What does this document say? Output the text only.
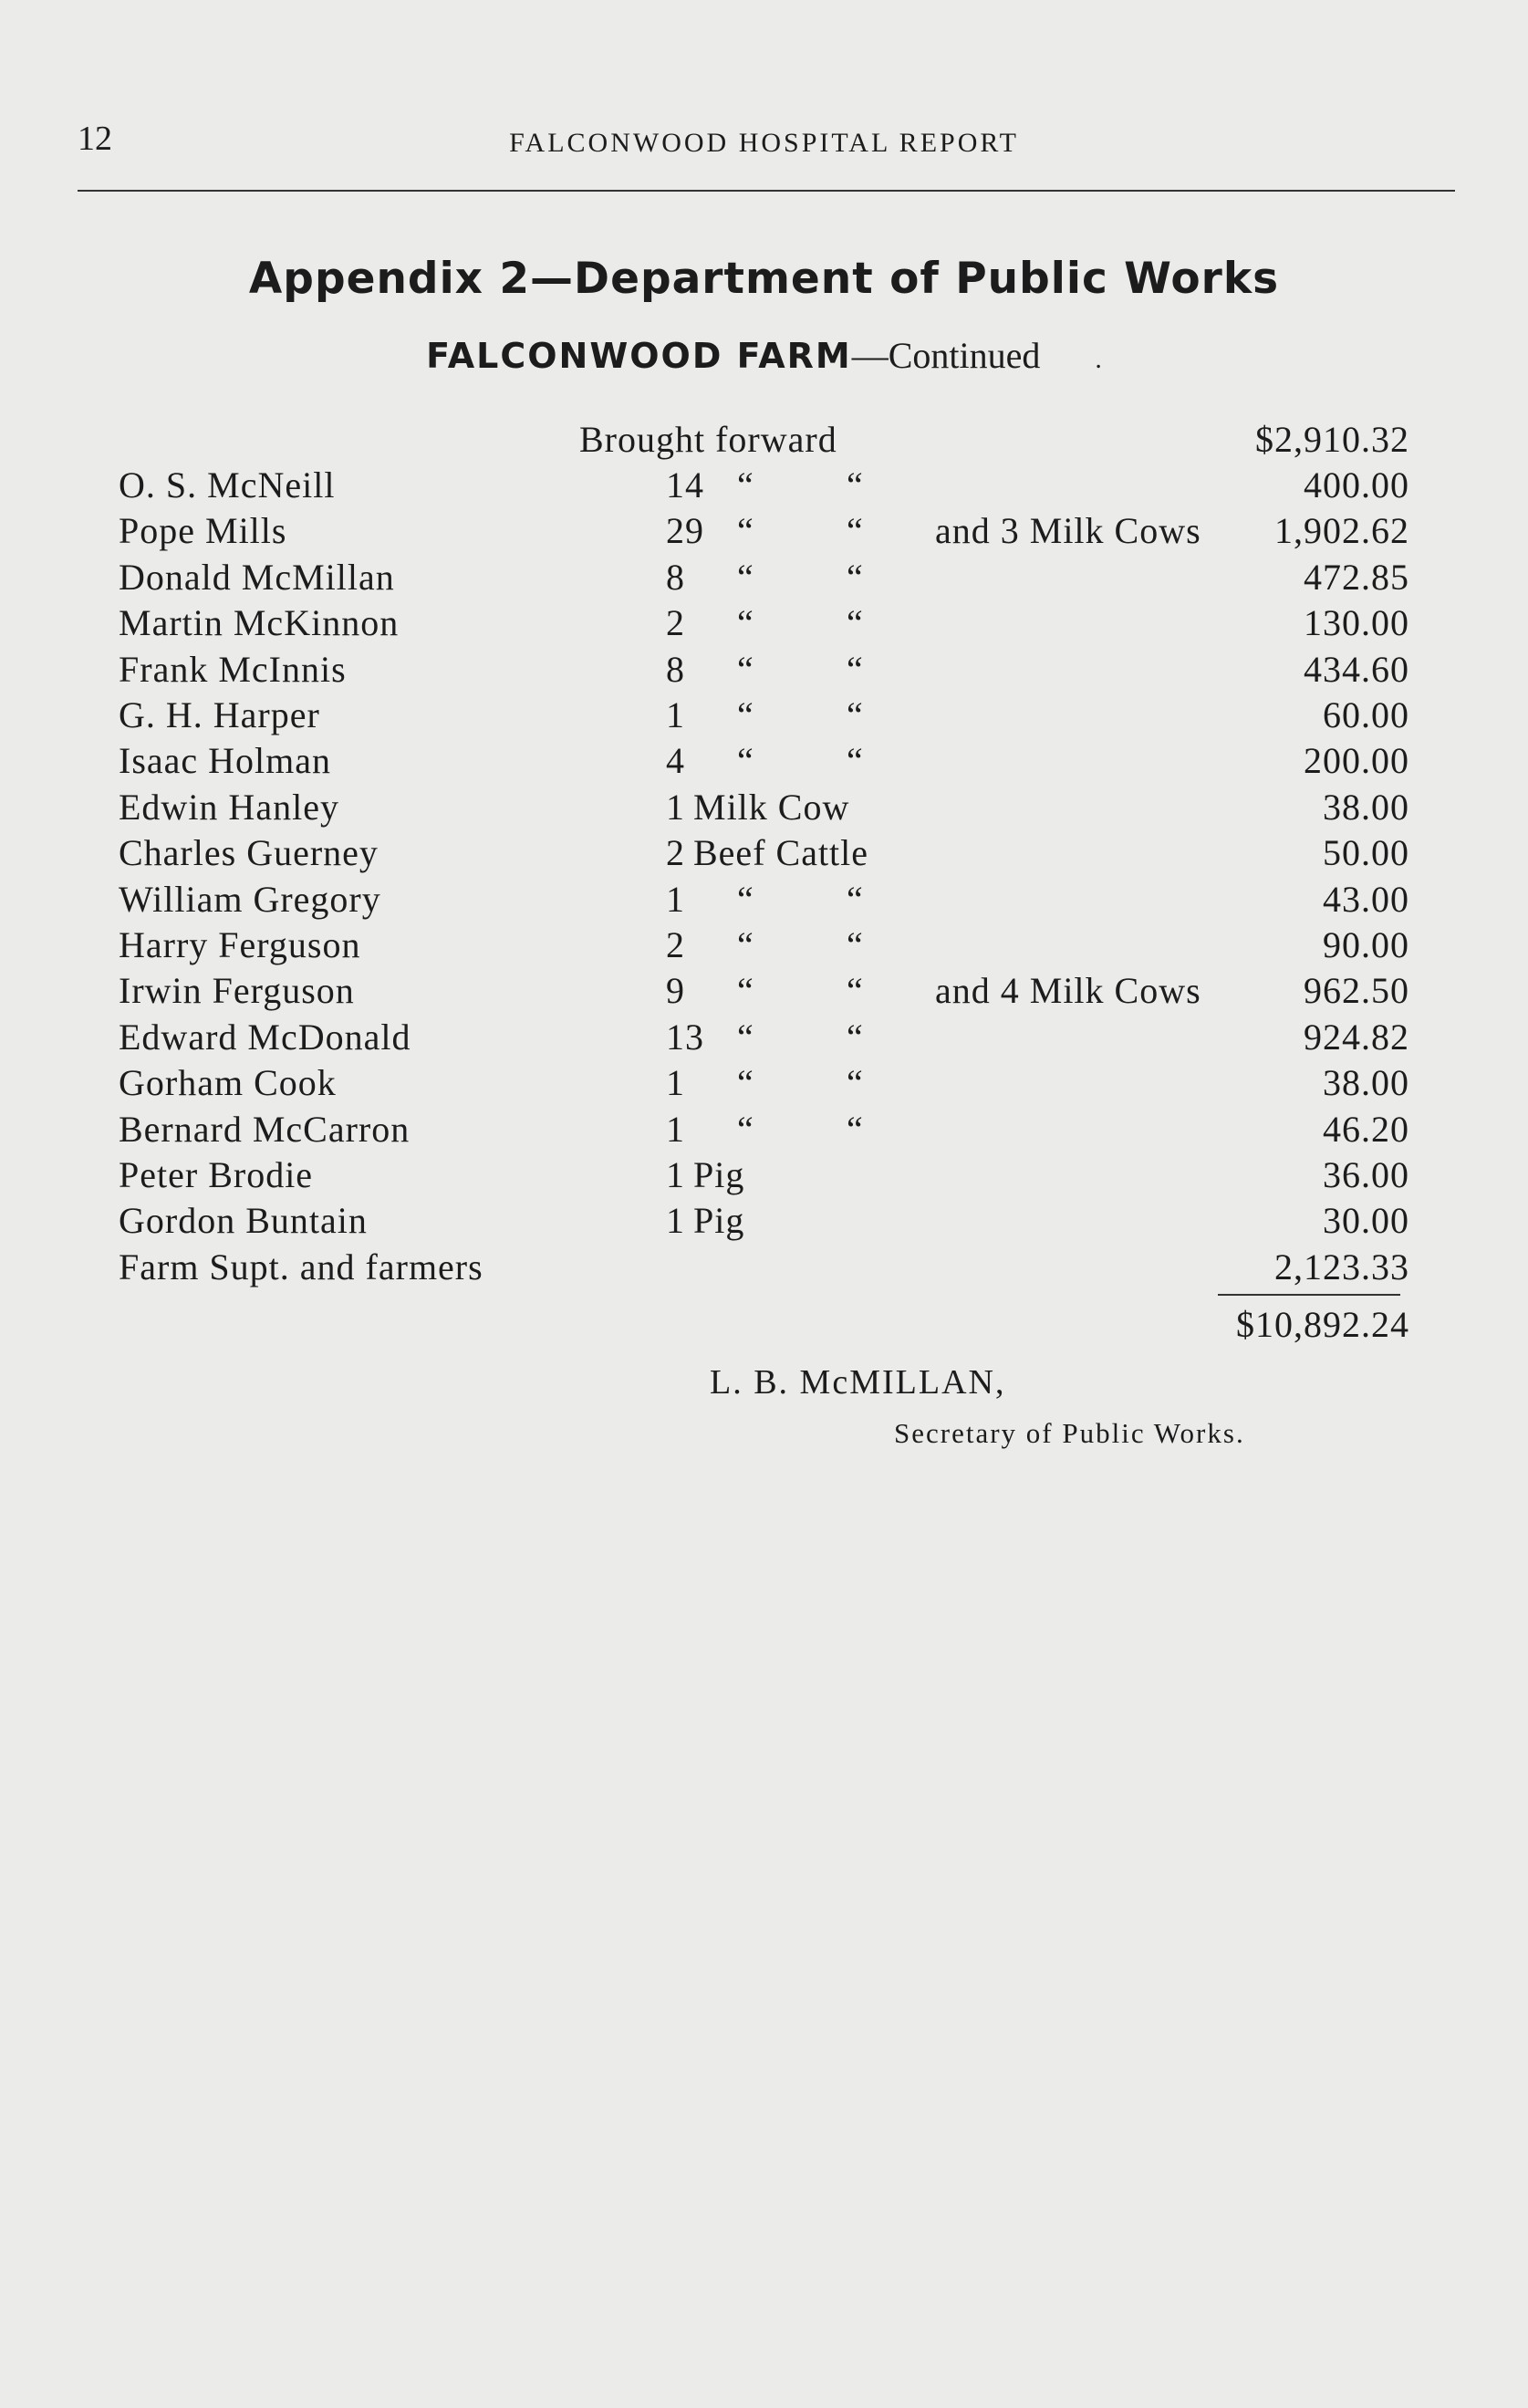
12	FALCONWOOD HOSPITAL REPORT
Appendix 2—Department of Public Works
FALCONWOOD FARM—Continued .
Brought forward	$2,910.32
O. S. McNeill	14 “	“	400.00
Pope Mills	29 “	“ and 3 Milk Cows 1,902.62
Donald McMillan	8 “	“	472.85
Martin McKinnon	2 “	“	130.00
Frank McInnis	8 “	“	434.60
G. H. Harper	1 “	“	60.00
Isaac Holman	4 “	“	200.00
Edwin Hanley	1 Milk Cow	38.00
Charles Guerney	2 Beef Cattle	50.00
William Gregory	1 “	“	43.00
Harry Ferguson	2 “	“	90.00
Irwin Ferguson	9 “	“ and 4 Milk Cows	962.50
Edward McDonald	13 “	“	924.82
Gorham Cook	1 “	“	38.00
Bernard McCarron	1 “	“	46.20
Peter Brodie	1 Pig	36.00
Gordon Buntain	1 Pig	30.00
Farm Supt. and farmers	2,123.33
$10,892.24
L. B. McMILLAN,
Secretary of Public Works.
